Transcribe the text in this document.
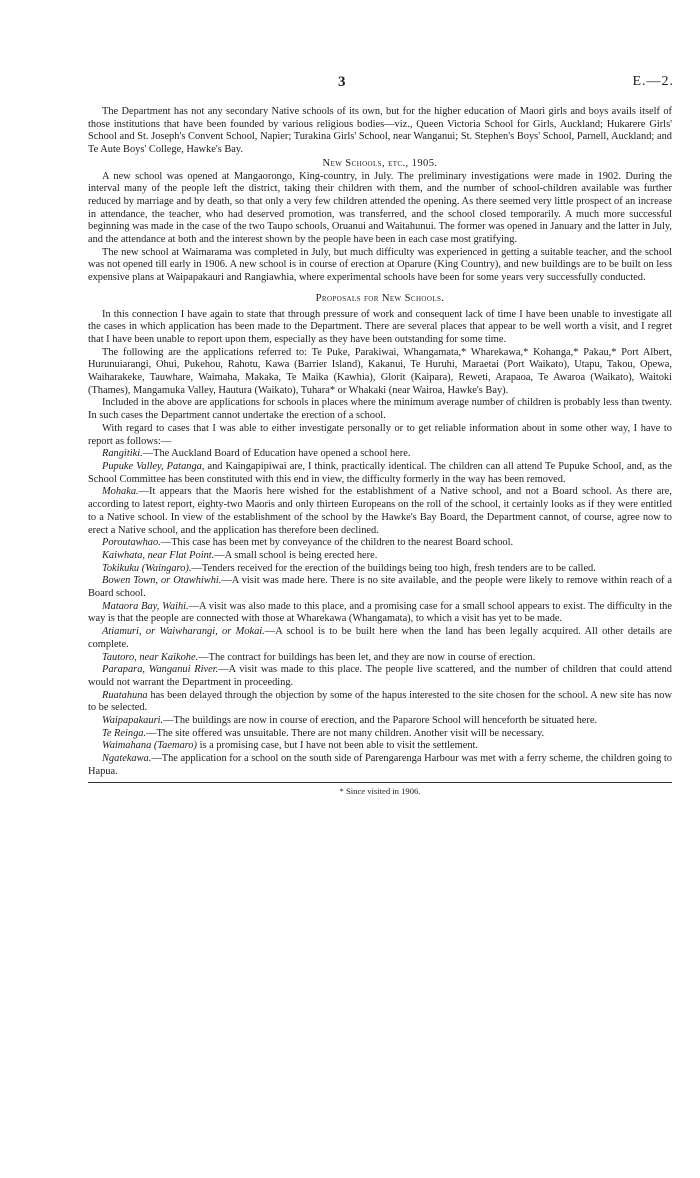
3	E.—2.

The Department has not any secondary Native schools of its own, but for the higher education of Maori girls and boys avails itself of those institutions that have been founded by various religious bodies—viz., Queen Victoria School for Girls, Auckland; Hukarere Girls' School and St. Joseph's Convent School, Napier; Turakina Girls' School, near Wanganui; St. Stephen's Boys' School, Parnell, Auckland; and Te Aute Boys' College, Hawke's Bay.

New Schools, etc., 1905.

A new school was opened at Mangaorongo, King-country, in July. The preliminary investigations were made in 1902. During the interval many of the people left the district, taking their children with them, and the number of school-children available was further reduced by marriage and by death, so that only a very few children attended the opening. As there seemed very little prospect of an increase in attendance, the teacher, who had deserved promotion, was transferred, and the school closed temporarily. A much more successful beginning was made in the case of the two Taupo schools, Oruanui and Waitahunui. The former was opened in January and the latter in July, and the attendance at both and the interest shown by the people have been in each case most gratifying.

The new school at Waimarama was completed in July, but much difficulty was experienced in getting a suitable teacher, and the school was not opened till early in 1906. A new school is in course of erection at Oparure (King Country), and new buildings are to be built on less expensive plans at Waipapakauri and Rangiawhia, where experimental schools have been for some years very successfully conducted.

Proposals for New Schools.

In this connection I have again to state that through pressure of work and consequent lack of time I have been unable to investigate all the cases in which application has been made to the Department. There are several places that appear to be well worth a visit, and I regret that I have been unable to report upon them, especially as they have been outstanding for some time.

The following are the applications referred to: Te Puke, Parakiwai, Whangamata,* Wharekawa,* Kohanga,* Pakau,* Port Albert, Hurunuiarangi, Ohui, Pukehou, Rahotu, Kawa (Barrier Island), Kakanui, Te Huruhi, Maraetai (Port Waikato), Utapu, Takou, Opewa, Waiharakeke, Tauwhare, Waimaha, Makaka, Te Maika (Kawhia), Glorit (Kaipara), Reweti, Arapaoa, Te Awaroa (Waikato), Waitoki (Thames), Mangamuka Valley, Hautura (Waikato), Tuhara* or Whakaki (near Wairoa, Hawke's Bay).

Included in the above are applications for schools in places where the minimum average number of children is probably less than twenty. In such cases the Department cannot undertake the erection of a school.

With regard to cases that I was able to either investigate personally or to get reliable information about in some other way, I have to report as follows:—

Rangitiki.—The Auckland Board of Education have opened a school here.

Pupuke Valley, Patanga, and Kaingapipiwai are, I think, practically identical. The children can all attend Te Pupuke School, and, as the School Committee has been constituted with this end in view, the difficulty formerly in the way has been removed.

Mohaka.—It appears that the Maoris here wished for the establishment of a Native school, and not a Board school. As there are, according to latest report, eighty-two Maoris and only thirteen Europeans on the roll of the school, it certainly looks as if they were entitled to a Native school. In view of the establishment of the school by the Hawke's Bay Board, the Department cannot, of course, agree now to erect a Native school, and the application has therefore been declined.

Poroutawhao.—This case has been met by conveyance of the children to the nearest Board school.

Kaiwhata, near Flat Point.—A small school is being erected here.

Tokikuku (Waingaro).—Tenders received for the erection of the buildings being too high, fresh tenders are to be called.

Bowen Town, or Otawhiwhi.—A visit was made here. There is no site available, and the people were likely to remove within reach of a Board school.

Mataora Bay, Waihi.—A visit was also made to this place, and a promising case for a small school appears to exist. The difficulty in the way is that the people are connected with those at Wharekawa (Whangamata), to which a visit has yet to be made.

Atiamuri, or Waiwharangi, or Mokai.—A school is to be built here when the land has been legally acquired. All other details are complete.

Tautoro, near Kaikohe.—The contract for buildings has been let, and they are now in course of erection.

Parapara, Wanganui River.—A visit was made to this place. The people live scattered, and the number of children that could attend would not warrant the Department in proceeding.

Ruatahuna has been delayed through the objection by some of the hapus interested to the site chosen for the school. A new site has now to be selected.

Waipapakauri.—The buildings are now in course of erection, and the Paparore School will henceforth be situated here.

Te Reinga.—The site offered was unsuitable. There are not many children. Another visit will be necessary.

Waimahana (Taemaro) is a promising case, but I have not been able to visit the settlement.

Ngatekawa.—The application for a school on the south side of Parengarenga Harbour was met with a ferry scheme, the children going to Hapua.

* Since visited in 1906.
